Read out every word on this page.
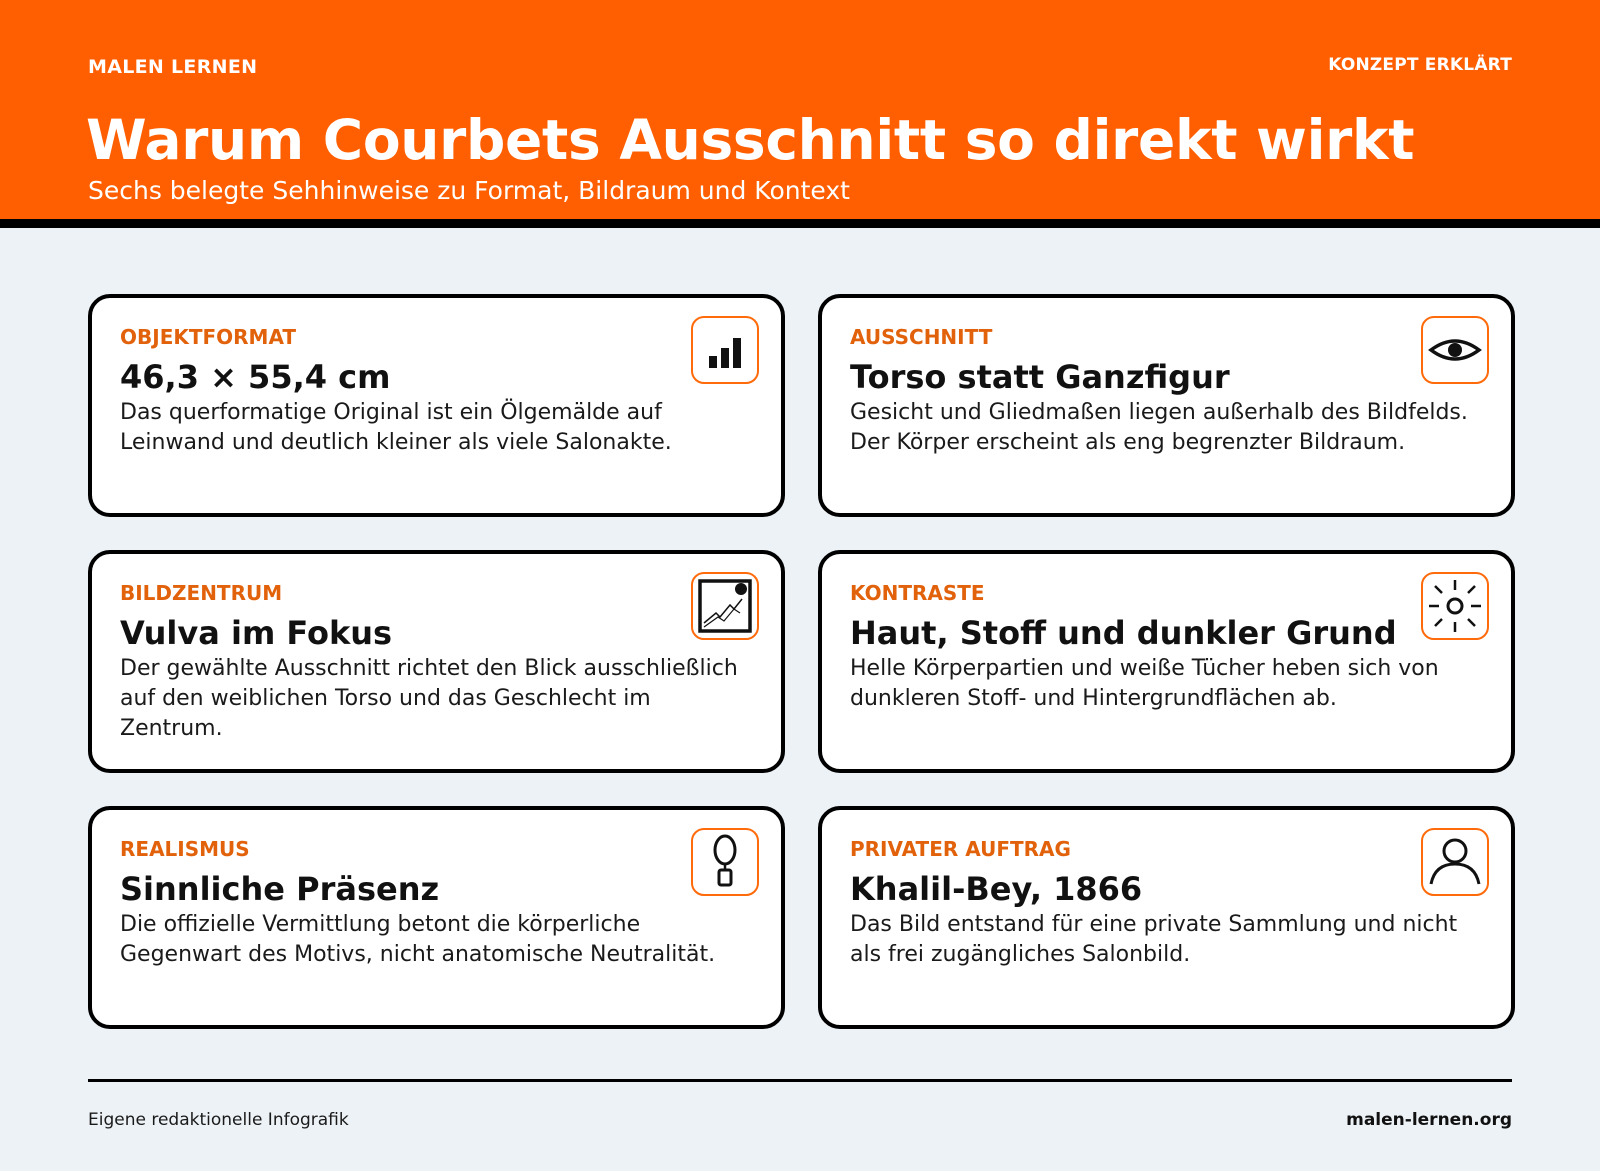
MALEN LERNEN	KONZEPT ERKLÄRT
Warum Courbets Ausschnitt so direkt wirkt
Sechs belegte Sehhinweise zu Format, Bildraum und Kontext
OBJEKTFORMAT
46,3 × 55,4 cm
Das querformatige Original ist ein Ölgemälde auf Leinwand und deutlich kleiner als viele Salonakte.
AUSSCHNITT
Torso statt Ganzfigur
Gesicht und Gliedmaßen liegen außerhalb des Bildfelds. Der Körper erscheint als eng begrenzter Bildraum.
BILDZENTRUM
Vulva im Fokus
Der gewählte Ausschnitt richtet den Blick ausschließlich auf den weiblichen Torso und das Geschlecht im Zentrum.
KONTRASTE
Haut, Stoff und dunkler Grund
Helle Körperpartien und weiße Tücher heben sich von dunkleren Stoff- und Hintergrundflächen ab.
REALISMUS
Sinnliche Präsenz
Die offizielle Vermittlung betont die körperliche Gegenwart des Motivs, nicht anatomische Neutralität.
PRIVATER AUFTRAG
Khalil-Bey, 1866
Das Bild entstand für eine private Sammlung und nicht als frei zugängliches Salonbild.
Eigene redaktionelle Infografik	malen-lernen.org
